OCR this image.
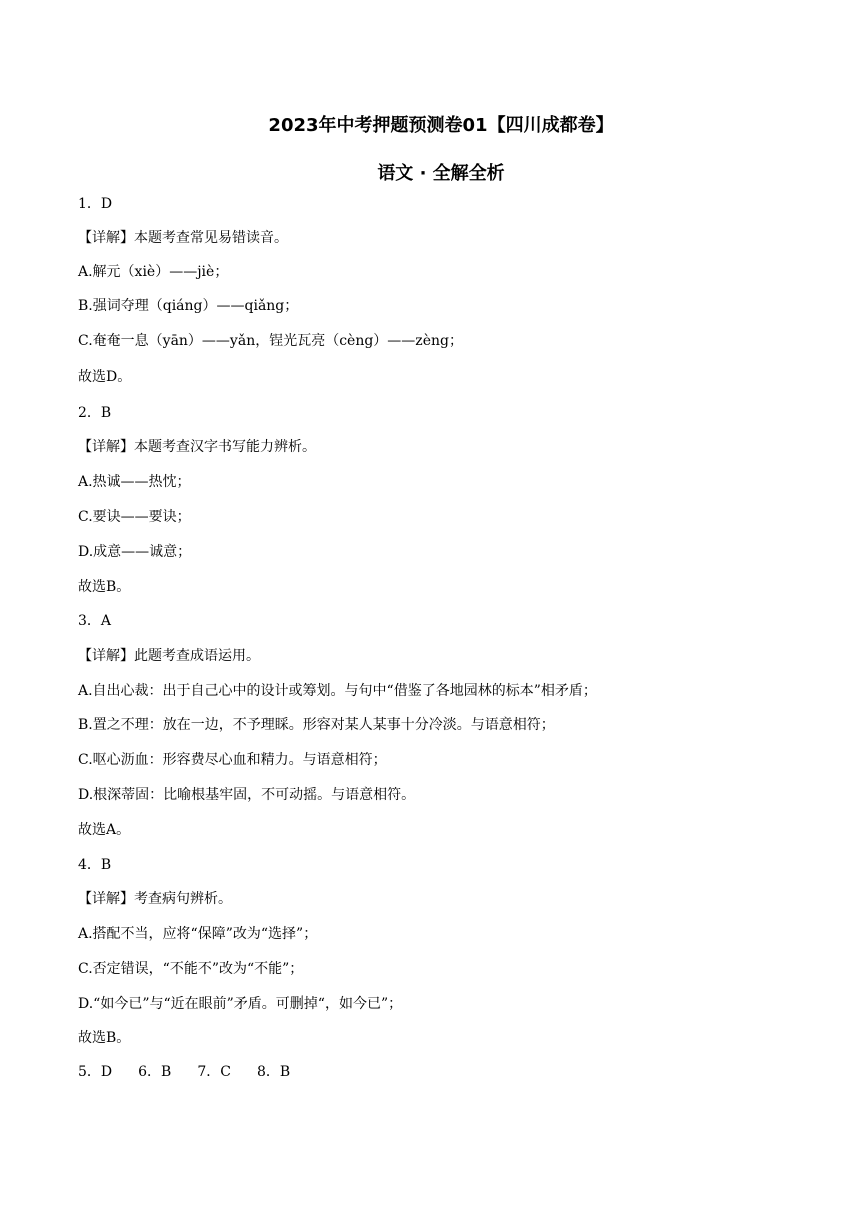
2023年中考押题预测卷01【四川成都卷】
语文 · 全解全析
1．D
【详解】本题考查常见易错读音。
A.解元（xiè）——jiè；
B.强词夺理（qiáng）——qiǎng；
C.奄奄一息（yān）——yǎn，锃光瓦亮（cèng）——zèng；
故选D。
2．B
【详解】本题考查汉字书写能力辨析。
A.热诚——热忱；
C.要诀——要诀；
D.成意——诚意；
故选B。
3．A
【详解】此题考查成语运用。
A.自出心裁：出于自己心中的设计或筹划。与句中“借鉴了各地园林的标本”相矛盾；
B.置之不理：放在一边，不予理睬。形容对某人某事十分冷淡。与语意相符；
C.呕心沥血：形容费尽心血和精力。与语意相符；
D.根深蒂固：比喻根基牢固，不可动摇。与语意相符。
故选A。
4．B
【详解】考查病句辨析。
A.搭配不当，应将“保障”改为“选择”；
C.否定错误，“不能不”改为“不能”；
D.“如今已”与“近在眼前”矛盾。可删掉“，如今已”；
故选B。
5．D 6．B 7．C 8．B
